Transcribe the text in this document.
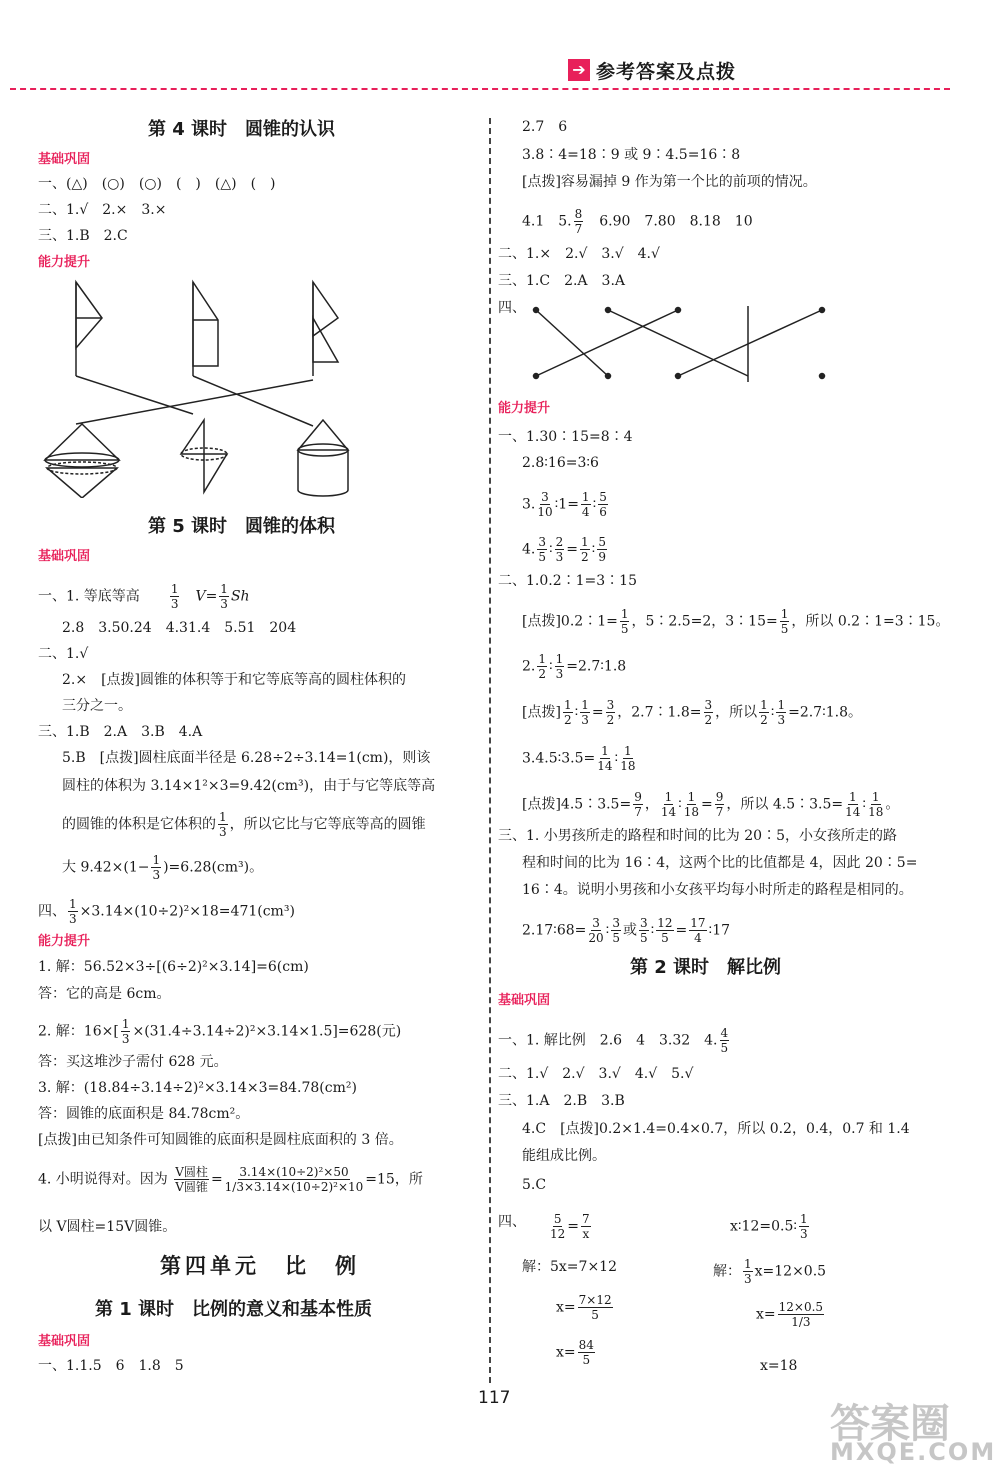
➔ 参考答案及点拨
第 4 课时　圆锥的认识
基础巩固
一、(△)　(○)　(○)　(　)　(△)　(　)
二、1.√　2.×　3.×
三、1.B　2.C
能力提升
第 5 课时　圆锥的体积
基础巩固
一、1. 等底等高　　	$\frac{1}{3}$
　 $V= \frac{1}{3}$ Sh
2.8　3.50.24　4.31.4　5.51　204
二、1.√
2.×　[点拨]圆锥的体积等于和它等底等高的圆柱体积的
三分之一。
三、1.B　2.A　3.B　4.A
5.B　[点拨]圆柱底面半径是 6.28÷2÷3.14=1(cm)，则该
圆柱的体积为 3.14×1²×3=9.42(cm³)，由于与它等底等高
的圆锥的体积是它体积的 $\frac{1}{3}$ ，所以它比与它等底等高的圆锥
大 $9.42\times(1- \frac{1}{3} )=6.28(cm^3)$。
四、 $\frac{1}{3} \times 3.14\times(10\div 2)^2\times 18=471(cm^3)$
能力提升
1. 解：56.52×3÷[(6÷2)²×3.14]=6(cm)
答：它的高是 6cm。
2. 解：$16\times[ \frac{1}{3} \times(31.4\div 3.14\div 2)^2\times 3.14\times 1.5]=628$(元)
答：买这堆沙子需付 628 元。
3. 解：(18.84÷3.14÷2)²×3.14×3=84.78(cm²)
答：圆锥的底面积是 84.78cm²。
[点拨]由已知条件可知圆锥的底面积是圆柱底面积的 3 倍。
4. 小明说得对。因为 V圆柱
V圆锥 = $\frac{\text{3.14×(10÷2)²×50}}{\text{1/3×3.14×(10÷2)²×10}} =15$，所
以 V圆柱=15V圆锥。
第四单元　比　例
第 1 课时　比例的意义和基本性质
基础巩固
一、1.1.5　6　1.8　5
2.7　6
3.8∶4=18∶9 或 9∶4.5=16∶8
[点拨]容易漏掉 9 作为第一个比的前项的情况。
4.1　5. $\frac{8}{7}$
　 6.90　7.80　8.18　10
二、1.×　2.√　3.√　4.√
三、1.C　2.A　3.A
四、
能力提升
一、1.30∶15=8∶4
2.8∶16=3∶6
3. $\frac{3}{10}$ ∶1= $\frac{1}{4}$ ∶ $\frac{5}{6}$
4. $\frac{3}{5}$ ∶ $\frac{2}{3} = \frac{1}{2}$ ∶ $\frac{5}{9}$
二、1.0.2∶1=3∶15
[点拨]0.2∶1= $\frac{1}{5}$ ，5∶2.5=2，3∶15= $\frac{1}{5}$ ，所以 0.2∶1=3∶15。
2. $\frac{1}{2}$ ∶ $\frac{1}{3}$ =2.7∶1.8
[点拨] $\frac{1}{2}$ ∶ $\frac{1}{3} = \frac{3}{2}$ ，2.7∶1.8= $\frac{3}{2}$ ，所以 $\frac{1}{2}$ ∶ $\frac{1}{3}$ =2.7∶1.8。
3.4.5∶3.5= $\frac{1}{14}$ ∶ $\frac{1}{18}$
[点拨]4.5∶3.5= $\frac{9}{7}$ ， $\frac{1}{14}$ ∶ $\frac{1}{18} = \frac{9}{7}$ ，所以 4.5∶3.5= $\frac{1}{14}$ ∶ $\frac{1}{18}$ 。
三、1. 小男孩所走的路程和时间的比为 20∶5，小女孩所走的路
程和时间的比为 16∶4，这两个比的比值都是 4，因此 20∶5=
16∶4。说明小男孩和小女孩平均每小时所走的路程是相同的。
2.17∶68= $\frac{3}{20}$ ∶ $\frac{3}{5}$ 或 $\frac{3}{5}$ ∶ $\frac{12}{5} = \frac{17}{4}$ ∶17
第 2 课时　解比例
基础巩固
一、1. 解比例　2.6　4　3.32　4. $\frac{4}{5}$
二、1.√　2.√　3.√　4.√　5.√
三、1.A　2.B　3.B
4.C　[点拨]0.2×1.4=0.4×0.7，所以 0.2，0.4，0.7 和 1.4
能组成比例。
5.C
四、 $\frac{5}{12} = \frac{7}{x}$	x∶12=0.5∶ $\frac{1}{3}$
解：5x=7×12	解： $\frac{1}{3} x=12\times 0.5$
$x= \frac{7\times 12}{5}$	$x= \frac{12\times 0.5}{1/3}$
$x= \frac{84}{5}$	x=18
117
答案圈
MXQE.COM
